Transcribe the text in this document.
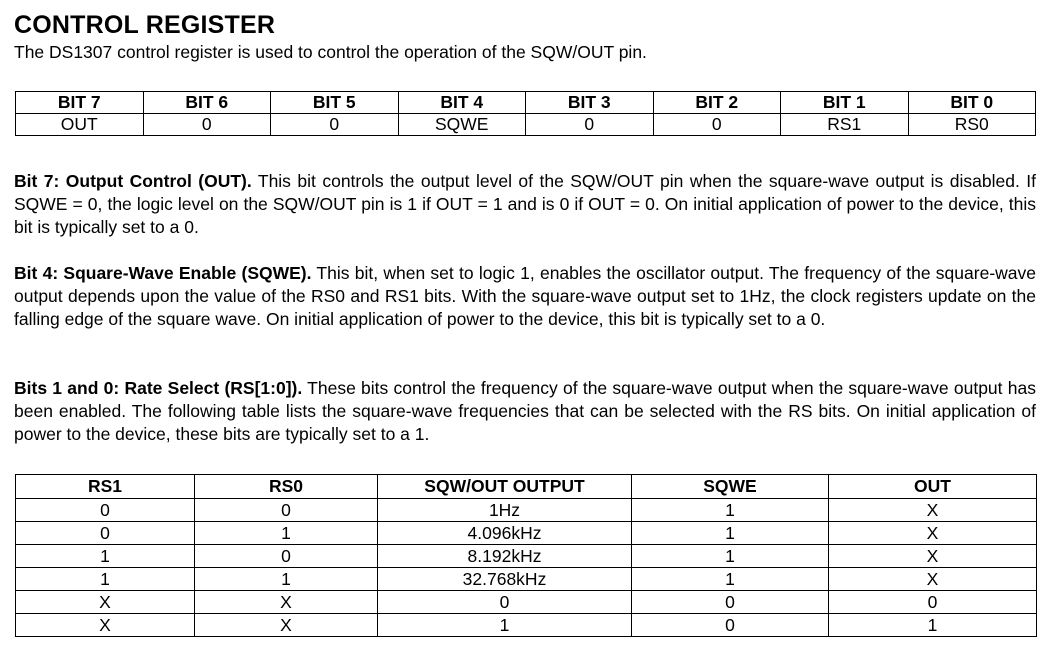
CONTROL REGISTER
The DS1307 control register is used to control the operation of the SQW/OUT pin.
BIT 7	BIT 6	BIT 5	BIT 4	BIT 3	BIT 2	BIT 1	BIT 0
OUT	0	0	SQWE	0	0	RS1	RS0

Bit 7: Output Control (OUT). This bit controls the output level of the SQW/OUT pin when the square-wave output is disabled. If SQWE = 0, the logic level on the SQW/OUT pin is 1 if OUT = 1 and is 0 if OUT = 0. On initial application of power to the device, this bit is typically set to a 0.

Bit 4: Square-Wave Enable (SQWE). This bit, when set to logic 1, enables the oscillator output. The frequency of the square-wave output depends upon the value of the RS0 and RS1 bits. With the square-wave output set to 1Hz, the clock registers update on the falling edge of the square wave. On initial application of power to the device, this bit is typically set to a 0.

Bits 1 and 0: Rate Select (RS[1:0]). These bits control the frequency of the square-wave output when the square-wave output has been enabled. The following table lists the square-wave frequencies that can be selected with the RS bits. On initial application of power to the device, these bits are typically set to a 1.

RS1	RS0	SQW/OUT OUTPUT	SQWE	OUT
0	0	1Hz	1	X
0	1	4.096kHz	1	X
1	0	8.192kHz	1	X
1	1	32.768kHz	1	X
X	X	0	0	0
X	X	1	0	1
